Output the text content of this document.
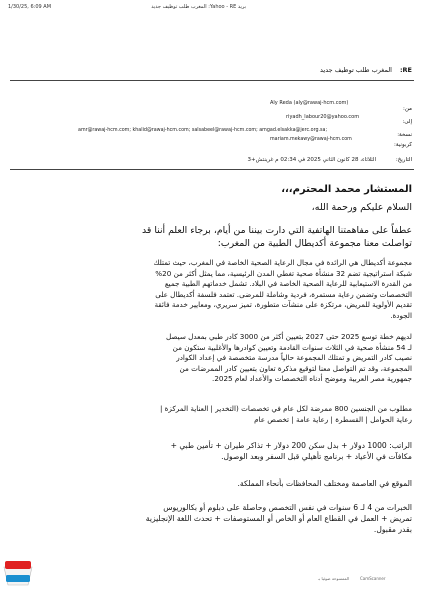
1/30/25, 6:09 AM	بريد Yahoo - RE: المغرب طلب توظيف جديد
RE:
المغرب طلب توظيف جديد
من:
Aly Reda (aly@rawaj-hcm.com)
إلى:
riyadh_labour20@yahoo.com
نسخة:
amr@rawaj-hcm.com; khalid@rawaj-hcm.com; salsabeel@rawaj-hcm.com; amgad.elsakka@jerc.org.sa;
كربونية:
mariam.mekawy@rawaj-hcm.com
التاريخ:
الثلاثاء، 28 كانون الثاني 2025 في 02:34 م غرينتش+3
المستشار محمد المحترم،،،
السلام عليكم ورحمة الله،
عطفاً على مفاهمتنا الهاتفية التي دارت بيننا من أيام، برجاء العلم أننا قد
تواصلت معنا مجموعة أكديطال الطبية من المغرب:
مجموعة أكديطال هي الرائدة في مجال الرعاية الصحية الخاصة في المغرب، حيث تمتلك
شبكة استراتيجية تضم 32 منشأة صحية تغطي المدن الرئيسية، مما يمثل أكثر من 20%
من القدرة الاستيعابية للرعاية الصحية الخاصة في البلاد. تشمل خدماتهم الطبية جميع
التخصصات وتضمن رعاية مستمرة، فردية وشاملة للمرضى. تعتمد فلسفة أكديطال على
تقديم الأولوية للمريض، مرتكزة على منشآت متطورة، تميز سريري، ومعايير خدمة فائقة
الجودة.
لديهم خطة توسع 2025 حتى 2027 بتعيين أكثر من 3000 كادر طبي بمعدل سيصل
لـ 54 منشأة صحية في الثلاث سنوات القادمة وتعيين كوادرها والأغلبية ستكون من
نصيب كادر التمريض و تمتلك المجموعة حالياً مدرسة متخصصة في إعداد الكوادر
المجموعة، وقد تم التواصل معنا لتوقيع مذكرة تعاون بتعيين كادر الممرضات من
جمهورية مصر العربية وموضح أدناه التخصصات والأعداد لعام 2025.
مطلوب من الجنسين 800 ممرضة لكل عام في تخصصات (التخدير | العناية المركزة |
رعاية الحوامل | القسطرة | رعاية عامة | تخصص عام
الراتب: 1000 دولار + بدل سكن 200 دولار + تذاكر طيران + تأمين طبي +
مكافآت في الأعياد + برنامج تأهيلي قبل السفر وبعد الوصول.
الموقع في العاصمة ومختلف المحافظات بأنحاء المملكة.
الخبرات من 4 لـ 6 سنوات في نفس التخصص وحاصلة على دبلوم أو بكالوريوس
تمريض + العمل في القطاع العام أو الخاص أو المستوصفات + تحدث اللغة الإنجليزية
بقدر مقبول.
CamScanner
الممسوحة ضوئيا بـ
